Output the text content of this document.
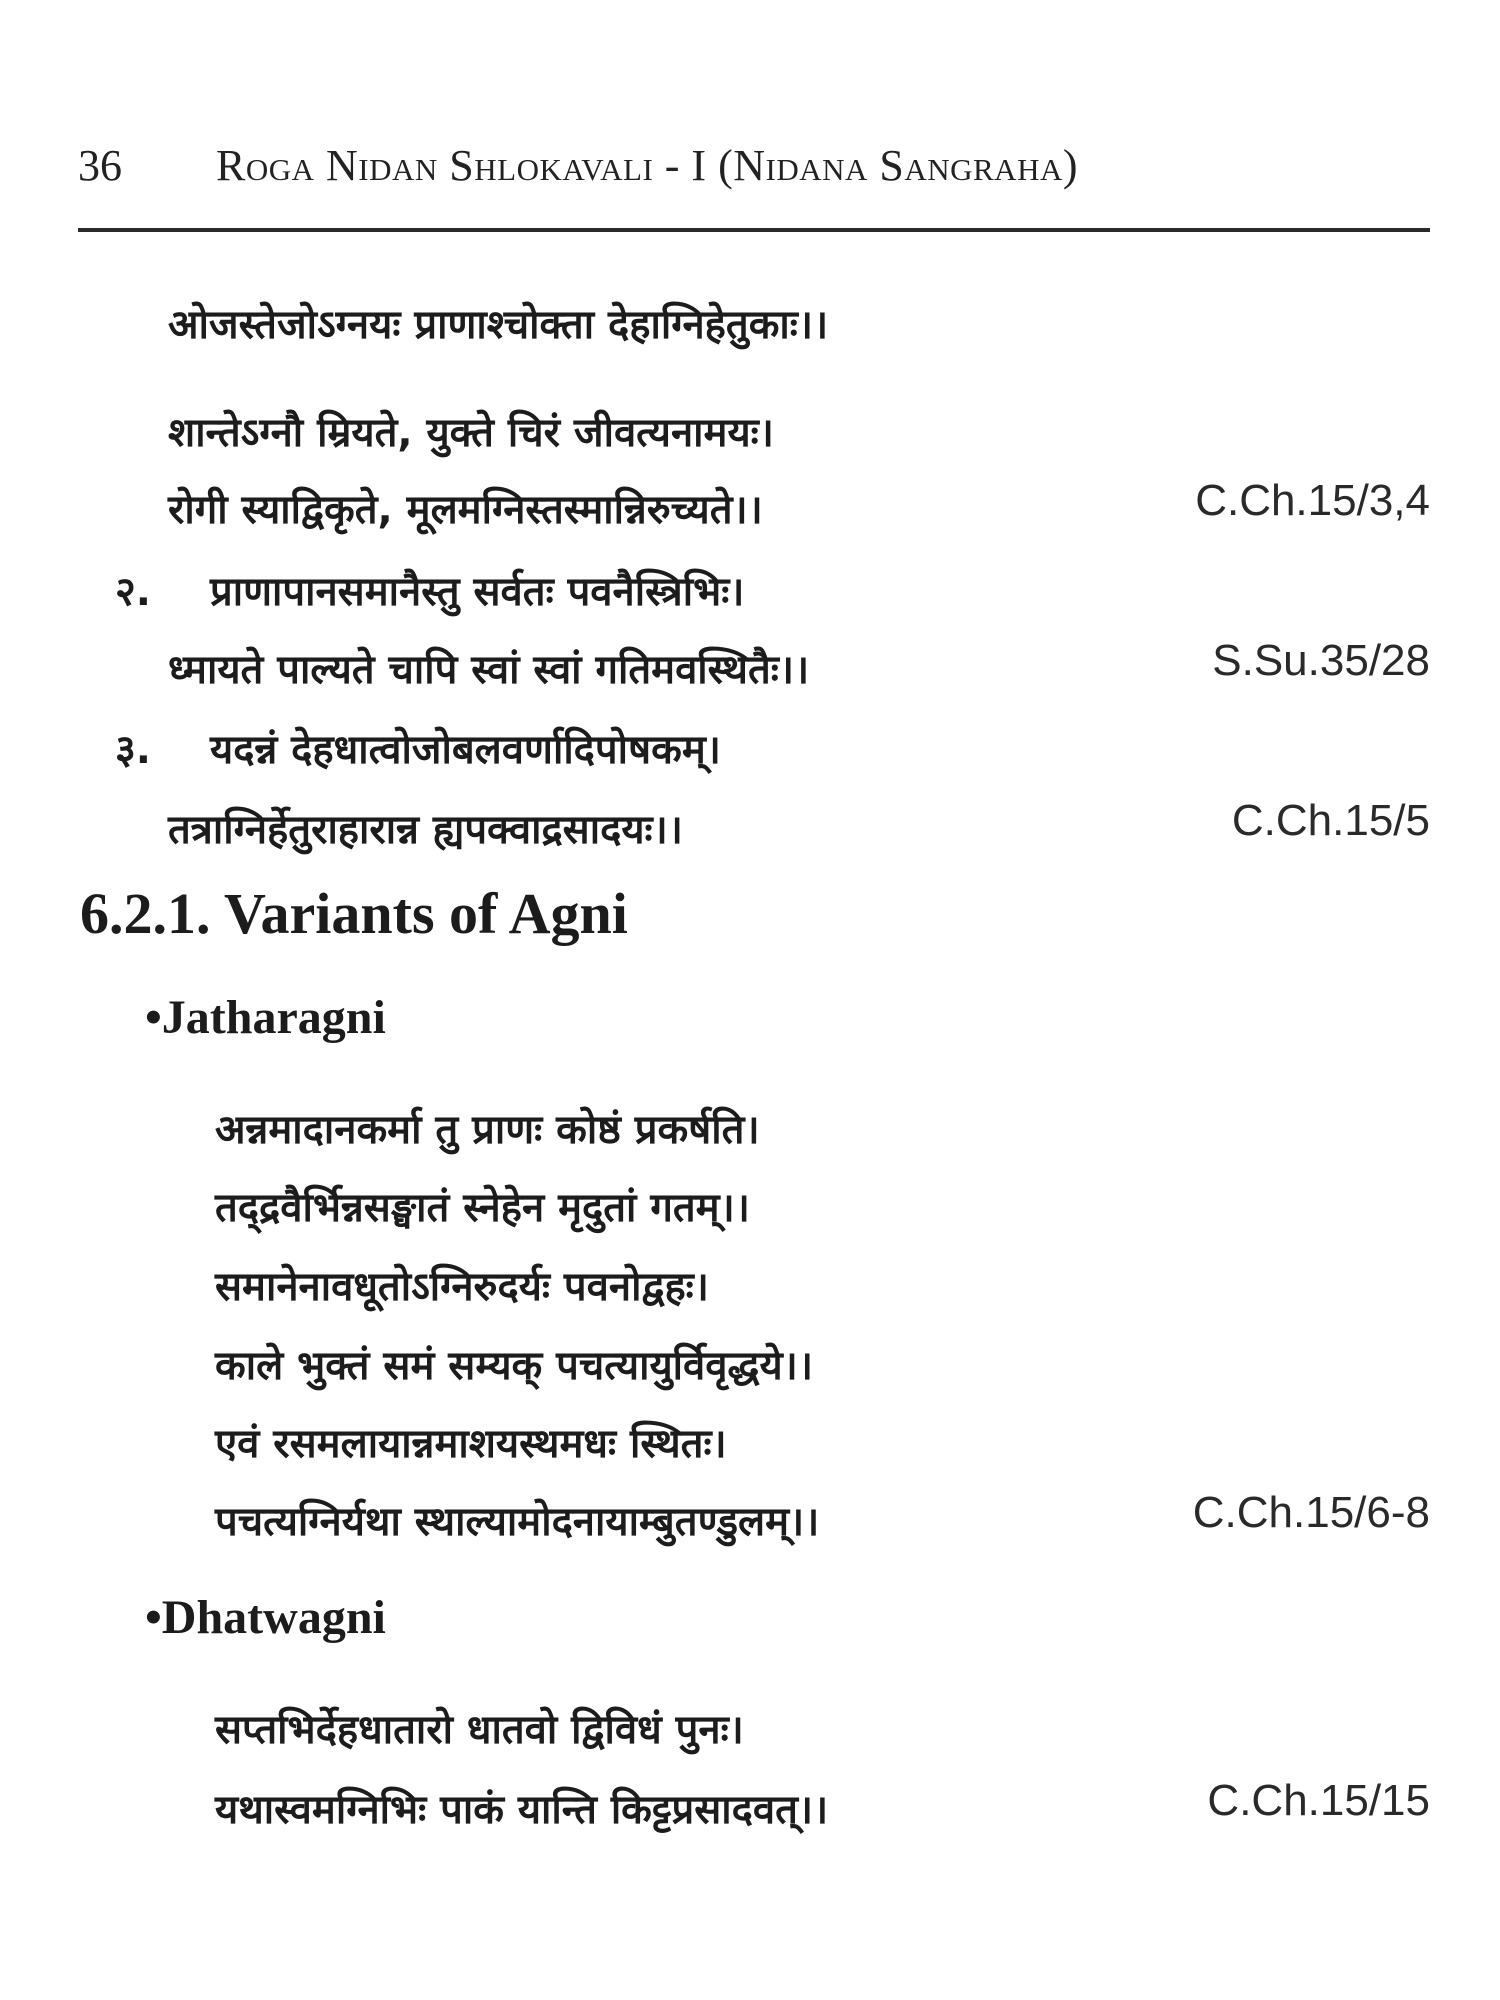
36	Roga Nidan Shlokavali - I (Nidana Sangraha)
ओजस्तेजोऽग्नयः प्राणाश्चोक्ता देहाग्निहेतुकाः।।
शान्तेऽग्नौ म्रियते, युक्ते चिरं जीवत्यनामयः।
रोगी स्याद्विकृते, मूलमग्निस्तस्मान्निरुच्यते।।	C.Ch.15/3,4
२. प्राणापानसमानैस्तु सर्वतः पवनैस्त्रिभिः।
ध्मायते पाल्यते चापि स्वां स्वां गतिमवस्थितैः।।	S.Su.35/28
३. यदन्नं देहधात्वोजोबलवर्णादिपोषकम्।
तत्राग्निर्हेतुराहारान्न ह्यपक्वाद्रसादयः।।	C.Ch.15/5
6.2.1. Variants of Agni
•Jatharagni
अन्नमादानकर्मा तु प्राणः कोष्ठं प्रकर्षति।
तद्द्रवैर्भिन्नसङ्घातं स्नेहेन मृदुतां गतम्।।
समानेनावधूतोऽग्निरुदर्यः पवनोद्वहः।
काले भुक्तं समं सम्यक् पचत्यायुर्विवृद्धये।।
एवं रसमलायान्नमाशयस्थमधः स्थितः।
पचत्यग्निर्यथा स्थाल्यामोदनायाम्बुतण्डुलम्।।	C.Ch.15/6-8
•Dhatwagni
सप्तभिर्देहधातारो धातवो द्विविधं पुनः।
यथास्वमग्निभिः पाकं यान्ति किट्टप्रसादवत्।।	C.Ch.15/15
